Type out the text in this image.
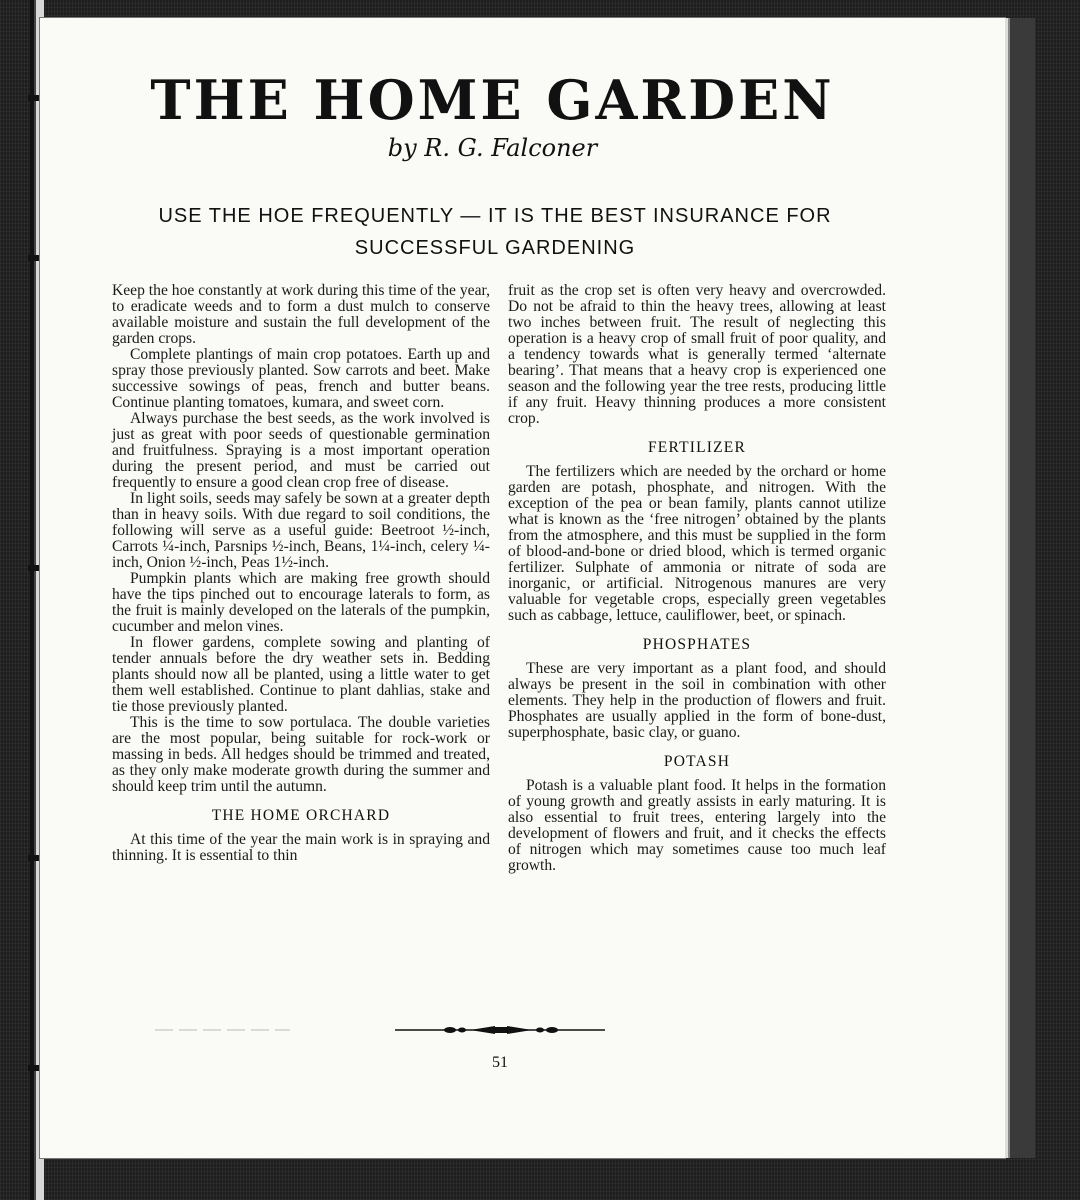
THE HOME GARDEN
by R. G. Falconer
USE THE HOE FREQUENTLY — IT IS THE BEST INSURANCE FOR SUCCESSFUL GARDENING

Keep the hoe constantly at work during this time of the year, to eradicate weeds and to form a dust mulch to conserve available moisture and sustain the full development of the garden crops.

Complete plantings of main crop potatoes. Earth up and spray those previously planted. Sow carrots and beet. Make successive sowings of peas, french and butter beans. Continue planting tomatoes, kumara, and sweet corn.

Always purchase the best seeds, as the work involved is just as great with poor seeds of questionable germination and fruitfulness. Spraying is a most important operation during the present period, and must be carried out frequently to ensure a good clean crop free of disease.

In light soils, seeds may safely be sown at a greater depth than in heavy soils. With due regard to soil conditions, the following will serve as a useful guide: Beetroot ½-inch, Carrots ¼-inch, Parsnips ½-inch, Beans, 1¼-inch, celery ¼-inch, Onion ½-inch, Peas 1½-inch.

Pumpkin plants which are making free growth should have the tips pinched out to encourage laterals to form, as the fruit is mainly developed on the laterals of the pumpkin, cucumber and melon vines.

In flower gardens, complete sowing and planting of tender annuals before the dry weather sets in. Bedding plants should now all be planted, using a little water to get them well established. Continue to plant dahlias, stake and tie those previously planted.

This is the time to sow portulaca. The double varieties are the most popular, being suitable for rock-work or massing in beds. All hedges should be trimmed and treated, as they only make moderate growth during the summer and should keep trim until the autumn.

THE HOME ORCHARD

At this time of the year the main work is in spraying and thinning. It is essential to thin

fruit as the crop set is often very heavy and overcrowded. Do not be afraid to thin the heavy trees, allowing at least two inches between fruit. The result of neglecting this operation is a heavy crop of small fruit of poor quality, and a tendency towards what is generally termed ‘alternate bearing’. That means that a heavy crop is experienced one season and the following year the tree rests, producing little if any fruit. Heavy thinning produces a more consistent crop.

FERTILIZER

The fertilizers which are needed by the orchard or home garden are potash, phosphate, and nitrogen. With the exception of the pea or bean family, plants cannot utilize what is known as the ‘free nitrogen’ obtained by the plants from the atmosphere, and this must be supplied in the form of blood-and-bone or dried blood, which is termed organic fertilizer. Sulphate of ammonia or nitrate of soda are inorganic, or artificial. Nitrogenous manures are very valuable for vegetable crops, especially green vegetables such as cabbage, lettuce, cauliflower, beet, or spinach.

PHOSPHATES

These are very important as a plant food, and should always be present in the soil in combination with other elements. They help in the production of flowers and fruit. Phosphates are usually applied in the form of bone-dust, superphosphate, basic clay, or guano.

POTASH

Potash is a valuable plant food. It helps in the formation of young growth and greatly assists in early maturing. It is also essential to fruit trees, entering largely into the development of flowers and fruit, and it checks the effects of nitrogen which may sometimes cause too much leaf growth.

51
